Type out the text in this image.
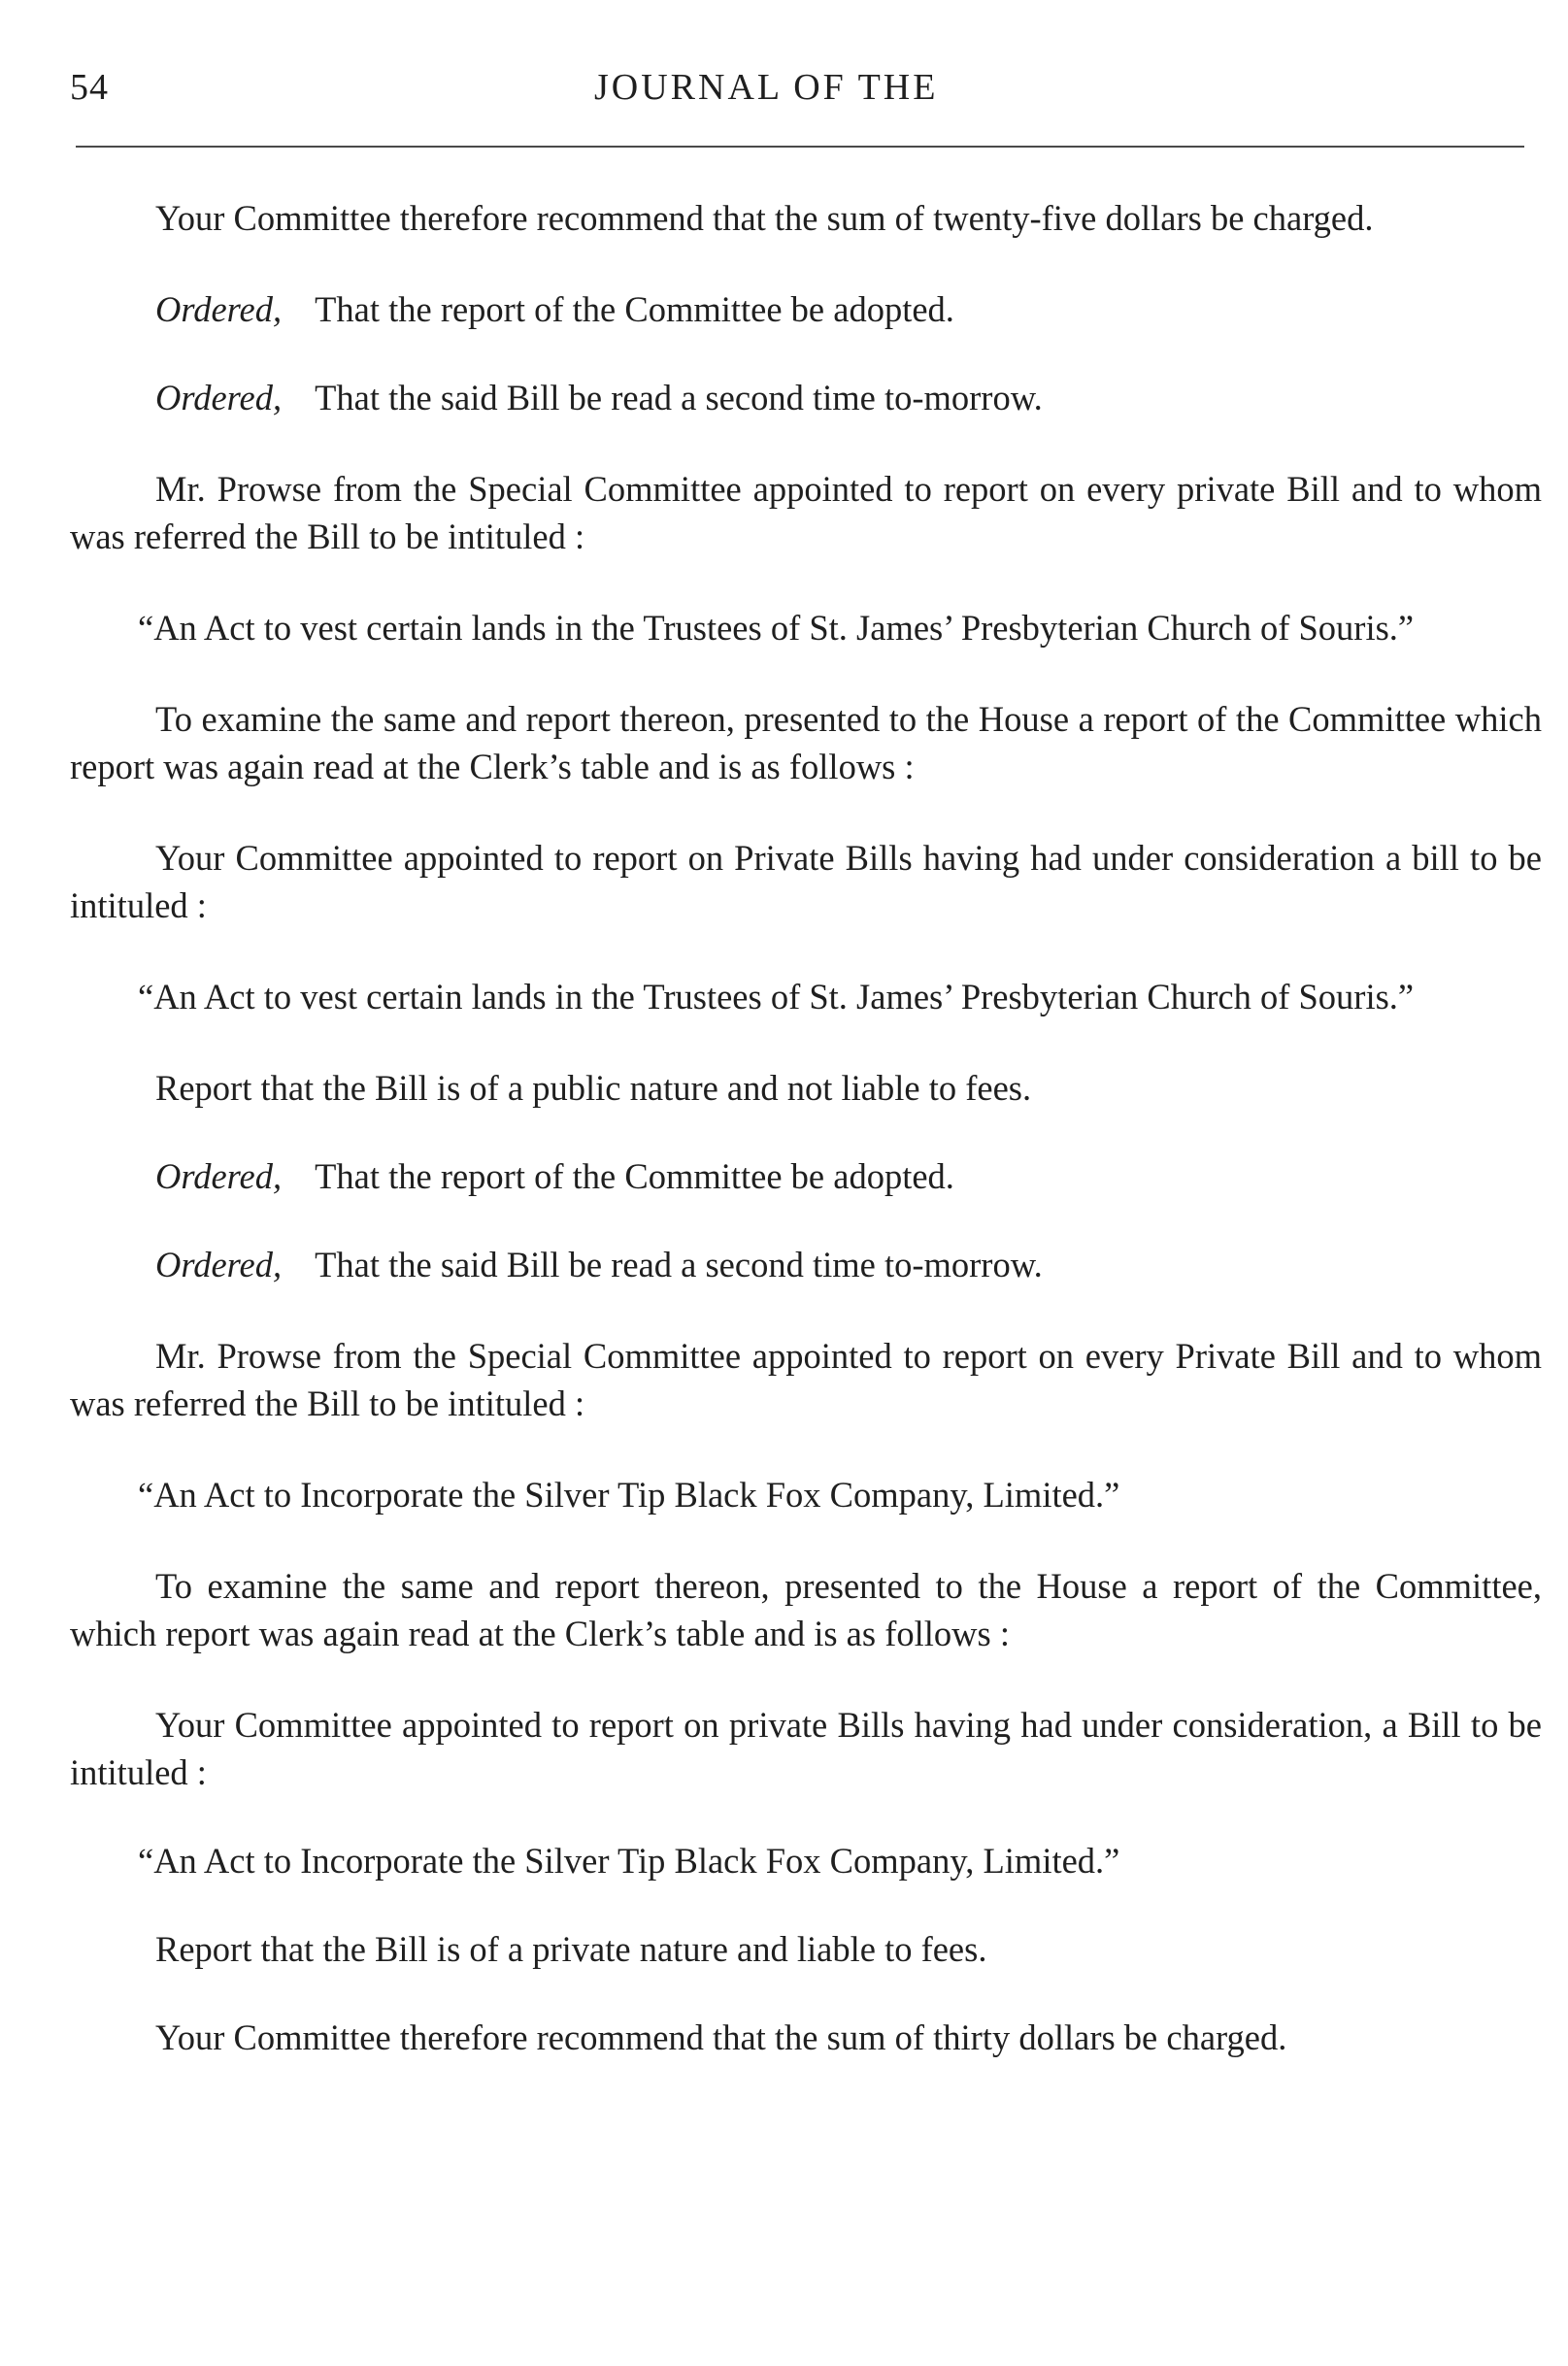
54	JOURNAL OF THE

Your Committee therefore recommend that the sum of twenty-five dollars be charged.

Ordered, That the report of the Committee be adopted.

Ordered, That the said Bill be read a second time to-morrow.

Mr. Prowse from the Special Committee appointed to report on every private Bill and to whom was referred the Bill to be intituled :

“An Act to vest certain lands in the Trustees of St. James’ Presbyterian Church of Souris.”

To examine the same and report thereon, presented to the House a report of the Committee which report was again read at the Clerk’s table and is as follows :

Your Committee appointed to report on Private Bills having had under consideration a bill to be intituled :

“An Act to vest certain lands in the Trustees of St. James’ Presbyterian Church of Souris.”

Report that the Bill is of a public nature and not liable to fees.

Ordered, That the report of the Committee be adopted.

Ordered, That the said Bill be read a second time to-morrow.

Mr. Prowse from the Special Committee appointed to report on every Private Bill and to whom was referred the Bill to be intituled :

“An Act to Incorporate the Silver Tip Black Fox Company, Limited.”

To examine the same and report thereon, presented to the House a report of the Committee, which report was again read at the Clerk’s table and is as follows :

Your Committee appointed to report on private Bills having had under consideration, a Bill to be intituled :

“An Act to Incorporate the Silver Tip Black Fox Company, Limited.”

Report that the Bill is of a private nature and liable to fees.

Your Committee therefore recommend that the sum of thirty dollars be charged.
